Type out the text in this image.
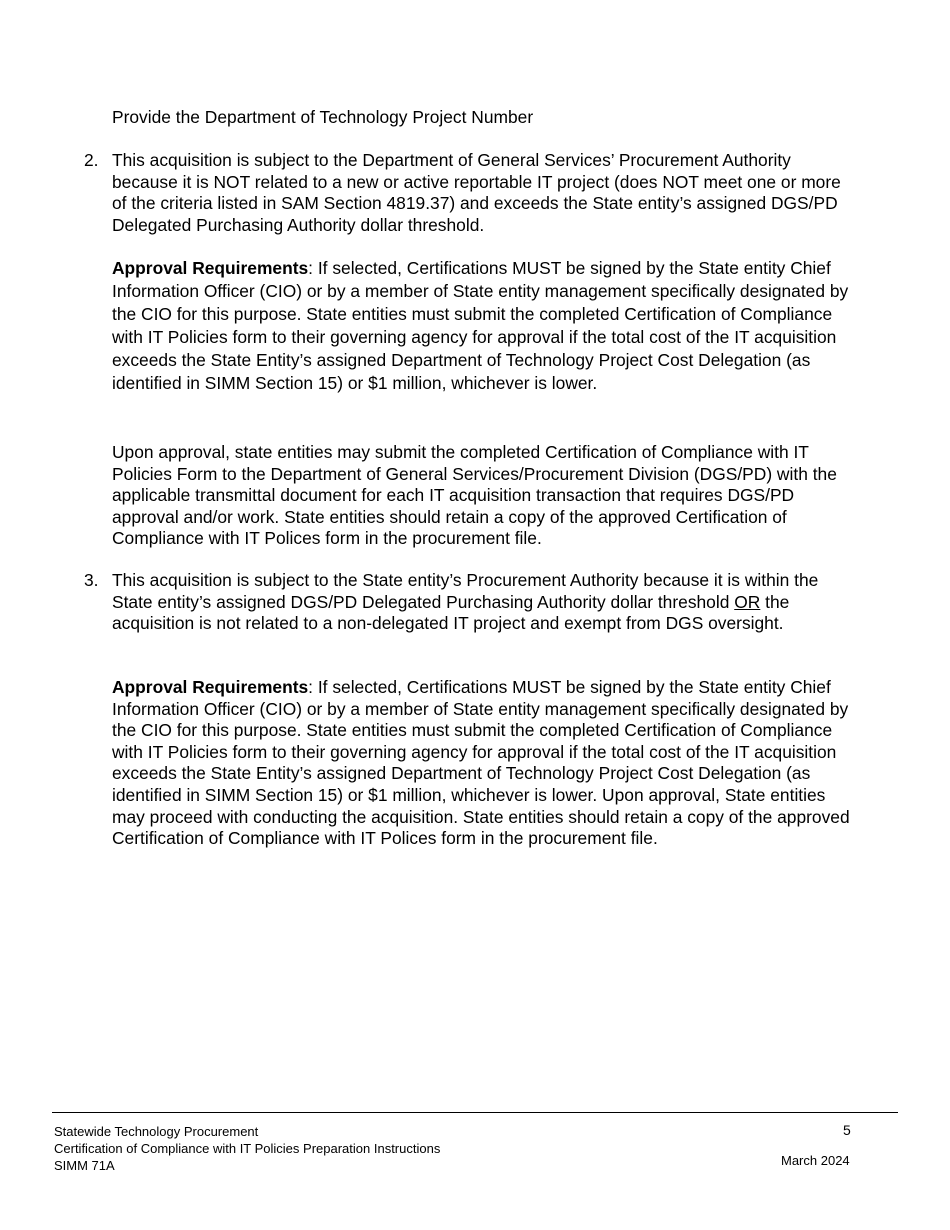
Provide the Department of Technology Project Number
2. This acquisition is subject to the Department of General Services’ Procurement Authority because it is NOT related to a new or active reportable IT project (does NOT meet one or more of the criteria listed in SAM Section 4819.37) and exceeds the State entity’s assigned DGS/PD Delegated Purchasing Authority dollar threshold.
Approval Requirements: If selected, Certifications MUST be signed by the State entity Chief Information Officer (CIO) or by a member of State entity management specifically designated by the CIO for this purpose. State entities must submit the completed Certification of Compliance with IT Policies form to their governing agency for approval if the total cost of the IT acquisition exceeds the State Entity’s assigned Department of Technology Project Cost Delegation (as identified in SIMM Section 15) or $1 million, whichever is lower.
Upon approval, state entities may submit the completed Certification of Compliance with IT Policies Form to the Department of General Services/Procurement Division (DGS/PD) with the applicable transmittal document for each IT acquisition transaction that requires DGS/PD approval and/or work. State entities should retain a copy of the approved Certification of Compliance with IT Polices form in the procurement file.
3. This acquisition is subject to the State entity’s Procurement Authority because it is within the State entity’s assigned DGS/PD Delegated Purchasing Authority dollar threshold OR the acquisition is not related to a non-delegated IT project and exempt from DGS oversight.
Approval Requirements: If selected, Certifications MUST be signed by the State entity Chief Information Officer (CIO) or by a member of State entity management specifically designated by the CIO for this purpose. State entities must submit the completed Certification of Compliance with IT Policies form to their governing agency for approval if the total cost of the IT acquisition exceeds the State Entity’s assigned Department of Technology Project Cost Delegation (as identified in SIMM Section 15) or $1 million, whichever is lower. Upon approval, State entities may proceed with conducting the acquisition. State entities should retain a copy of the approved Certification of Compliance with IT Polices form in the procurement file.
Statewide Technology Procurement
Certification of Compliance with IT Policies Preparation Instructions
SIMM 71A
5
March 2024
